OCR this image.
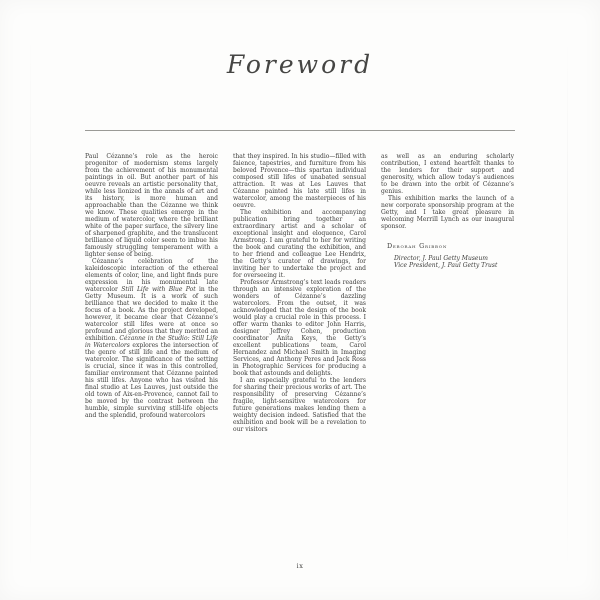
Foreword

Paul Cézanne’s role as the heroic progenitor of modernism stems largely from the achievement of his monumental paintings in oil. But another part of his oeuvre reveals an artistic personality that, while less lionized in the annals of art and its history, is more human and approachable than the Cézanne we think we know. These qualities emerge in the medium of watercolor, where the brilliant white of the paper surface, the silvery line of sharpened graphite, and the translucent brilliance of liquid color seem to imbue his famously struggling temperament with a lighter sense of being.

Cézanne’s celebration of the kaleidoscopic interaction of the ethereal elements of color, line, and light finds pure expression in his monumental late watercolor Still Life with Blue Pot in the Getty Museum. It is a work of such brilliance that we decided to make it the focus of a book. As the project developed, however, it became clear that Cézanne’s watercolor still lifes were at once so profound and glorious that they merited an exhibition. Cézanne in the Studio: Still Life in Watercolors explores the intersection of the genre of still life and the medium of watercolor. The significance of the setting is crucial, since it was in this controlled, familiar environment that Cézanne painted his still lifes. Anyone who has visited his final studio at Les Lauves, just outside the old town of Aix-en-Provence, cannot fail to be moved by the contrast between the humble, simple surviving still-life objects and the splendid, profound watercolors

that they inspired. In his studio—filled with faience, tapestries, and furniture from his beloved Provence—this spartan individual composed still lifes of unabated sensual attraction. It was at Les Lauves that Cézanne painted his late still lifes in watercolor, among the masterpieces of his oeuvre.

The exhibition and accompanying publication bring together an extraordinary artist and a scholar of exceptional insight and eloquence, Carol Armstrong. I am grateful to her for writing the book and curating the exhibition, and to her friend and colleague Lee Hendrix, the Getty’s curator of drawings, for inviting her to undertake the project and for overseeing it.

Professor Armstrong’s text leads readers through an intensive exploration of the wonders of Cézanne’s dazzling watercolors. From the outset, it was acknowledged that the design of the book would play a crucial role in this process. I offer warm thanks to editor John Harris, designer Jeffrey Cohen, production coordinator Anita Keys, the Getty’s excellent publications team, Carol Hernandez and Michael Smith in Imaging Services, and Anthony Peres and Jack Ross in Photographic Services for producing a book that astounds and delights.

I am especially grateful to the lenders for sharing their precious works of art. The responsibility of preserving Cézanne’s fragile, light-sensitive watercolors for future generations makes lending them a weighty decision indeed. Satisfied that the exhibition and book will be a revelation to our visitors

as well as an enduring scholarly contribution, I extend heartfelt thanks to the lenders for their support and generosity, which allow today’s audiences to be drawn into the orbit of Cézanne’s genius.

This exhibition marks the launch of a new corporate sponsorship program at the Getty, and I take great pleasure in welcoming Merrill Lynch as our inaugural sponsor.

Deborah Gribbon
Director, J. Paul Getty Museum
Vice President, J. Paul Getty Trust
ix
